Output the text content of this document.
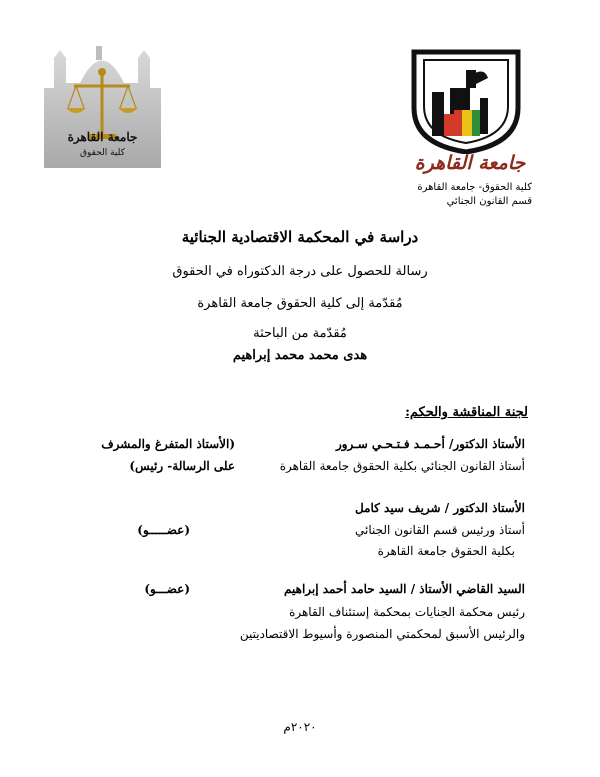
جامعة القاهرة
كلية الحقوق	جامعة القاهرة
كلية الحقوق- جامعة القاهرة
قسم القانون الجنائي
دراسة في المحكمة الاقتصادية الجنائية
رسالة للحصول على درجة الدكتوراه في الحقوق
مُقدّمة إلى كلية الحقوق جامعة القاهرة
مُقدّمة من الباحثة
هدى محمد محمد إبراهيم
لجنة المناقشة والحكم:
الأستاذ الدكتور/ أحـمـد فـتـحـي سـرور
(الأستاذ المتفرغ والمشرف
أستاذ القانون الجنائي بكلية الحقوق جامعة القاهرة
على الرسالة- رئيس)
الأستاذ الدكتور / شريف سيد كامل
أستاذ ورئيس قسم القانون الجنائي
(عضـــــو)
بكلية الحقوق جامعة القاهرة
السيد القاضي الأستاذ / السيد حامد أحمد إبراهيم
(عضـــو)
رئيس محكمة الجنايات بمحكمة إستئناف القاهرة
والرئيس الأسبق لمحكمتي المنصورة وأسيوط الاقتصاديتين
٢٠٢٠م
